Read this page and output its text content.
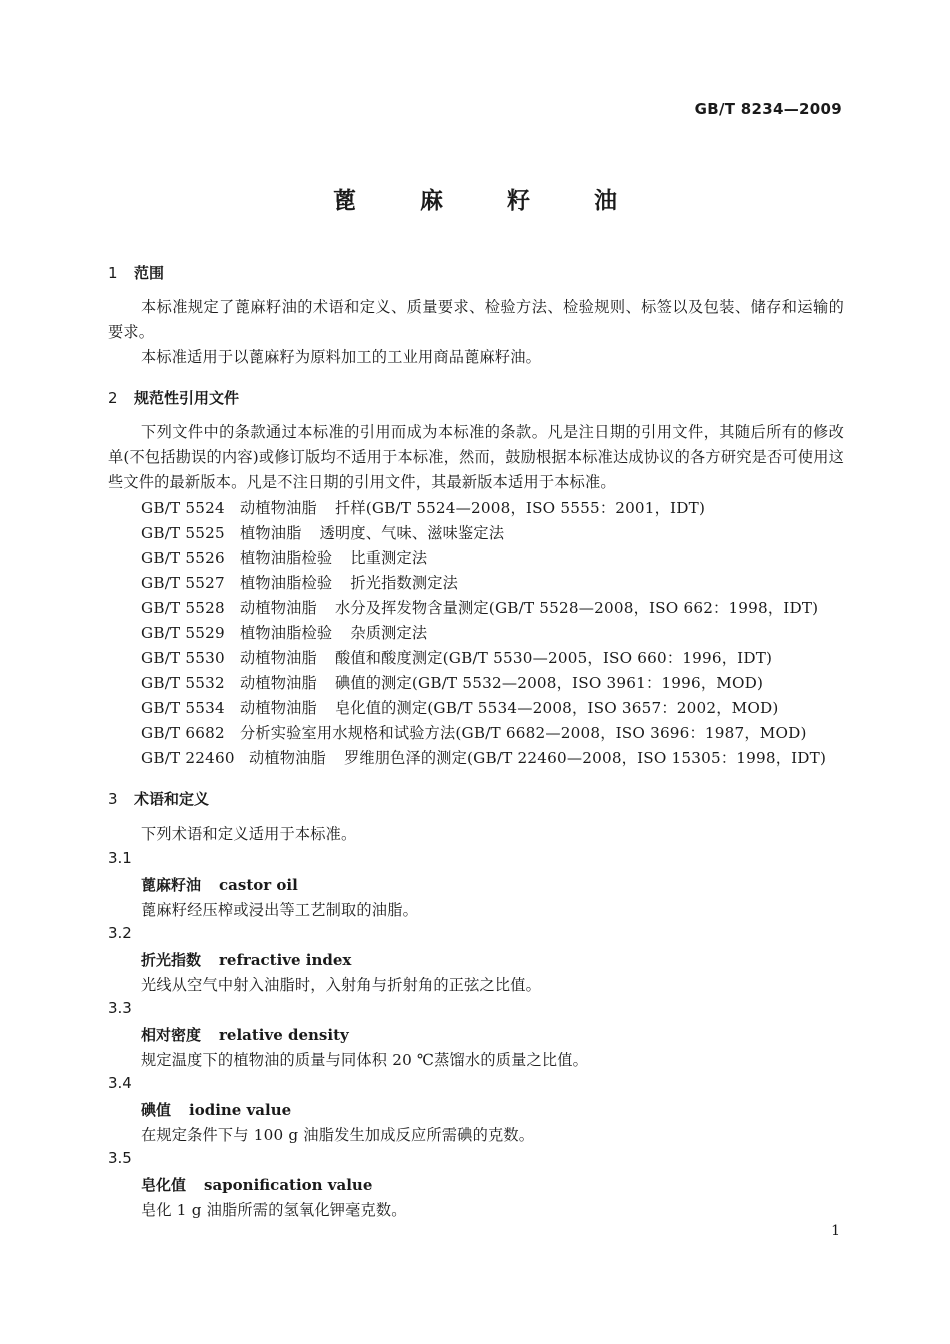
GB/T 8234—2009
蓖 麻 籽 油
1 范围
本标准规定了蓖麻籽油的术语和定义、质量要求、检验方法、检验规则、标签以及包装、储存和运输的要求。
本标准适用于以蓖麻籽为原料加工的工业用商品蓖麻籽油。
2 规范性引用文件
下列文件中的条款通过本标准的引用而成为本标准的条款。凡是注日期的引用文件，其随后所有的修改单(不包括勘误的内容)或修订版均不适用于本标准，然而，鼓励根据本标准达成协议的各方研究是否可使用这些文件的最新版本。凡是不注日期的引用文件，其最新版本适用于本标准。
GB/T 5524 动植物油脂 扦样(GB/T 5524—2008，ISO 5555：2001，IDT)
GB/T 5525 植物油脂 透明度、气味、滋味鉴定法
GB/T 5526 植物油脂检验 比重测定法
GB/T 5527 植物油脂检验 折光指数测定法
GB/T 5528 动植物油脂 水分及挥发物含量测定(GB/T 5528—2008，ISO 662：1998，IDT)
GB/T 5529 植物油脂检验 杂质测定法
GB/T 5530 动植物油脂 酸值和酸度测定(GB/T 5530—2005，ISO 660：1996，IDT)
GB/T 5532 动植物油脂 碘值的测定(GB/T 5532—2008，ISO 3961：1996，MOD)
GB/T 5534 动植物油脂 皂化值的测定(GB/T 5534—2008，ISO 3657：2002，MOD)
GB/T 6682 分析实验室用水规格和试验方法(GB/T 6682—2008，ISO 3696：1987，MOD)
GB/T 22460 动植物油脂 罗维朋色泽的测定(GB/T 22460—2008，ISO 15305：1998，IDT)
3 术语和定义
下列术语和定义适用于本标准。
3.1
蓖麻籽油 castor oil
蓖麻籽经压榨或浸出等工艺制取的油脂。
3.2
折光指数 refractive index
光线从空气中射入油脂时，入射角与折射角的正弦之比值。
3.3
相对密度 relative density
规定温度下的植物油的质量与同体积 20 ℃蒸馏水的质量之比值。
3.4
碘值 iodine value
在规定条件下与 100 g 油脂发生加成反应所需碘的克数。
3.5
皂化值 saponification value
皂化 1 g 油脂所需的氢氧化钾毫克数。
1
